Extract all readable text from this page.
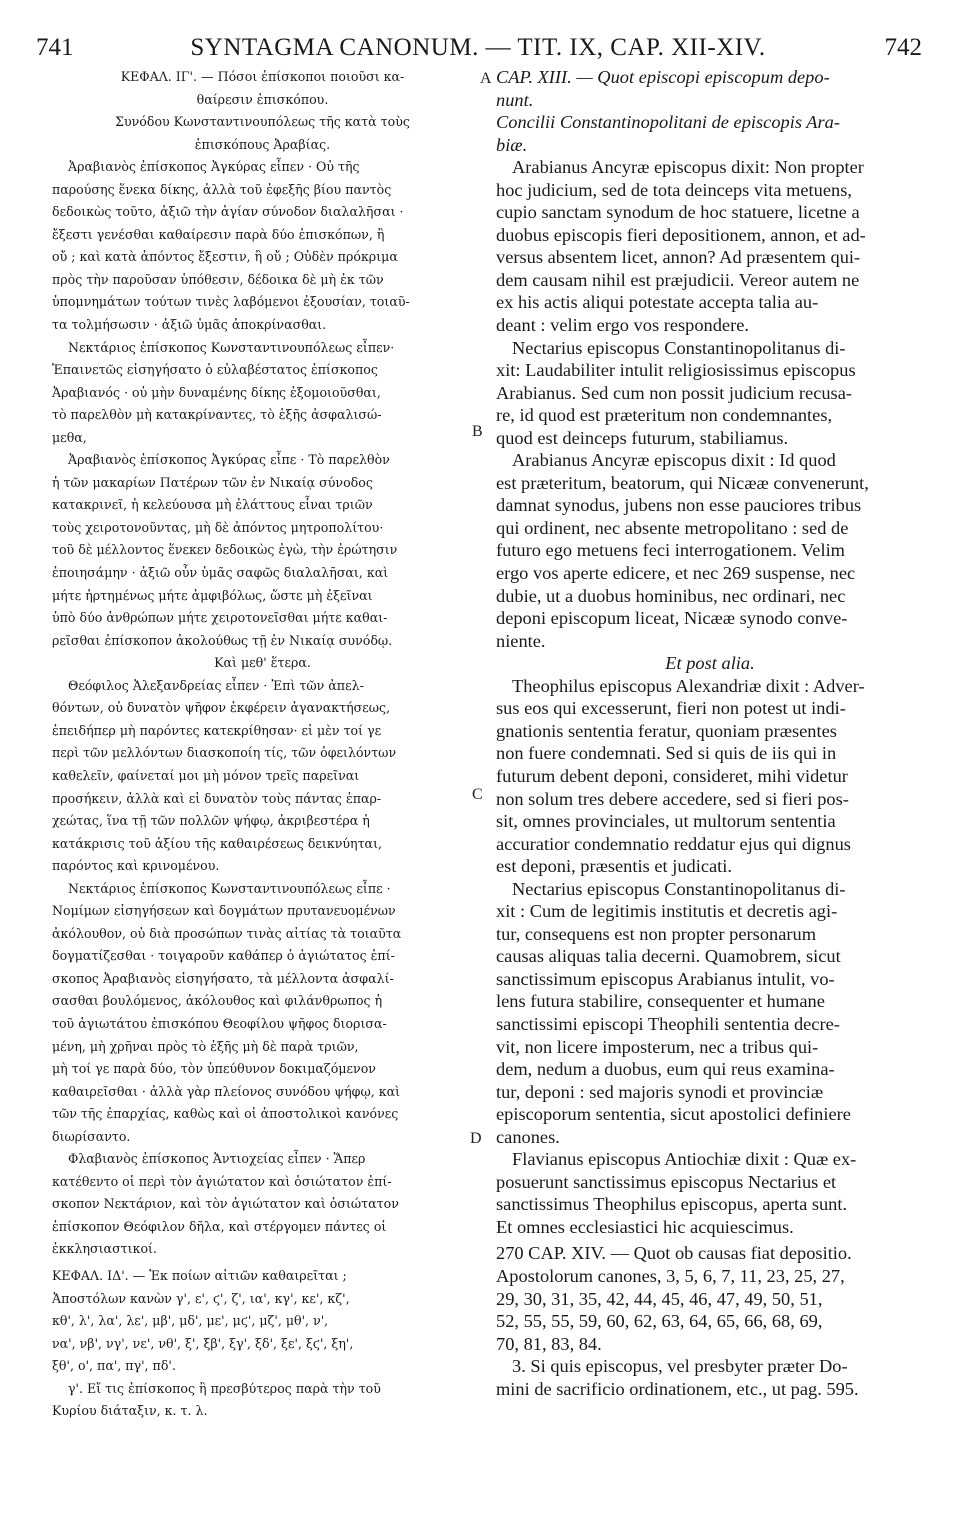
741	SYNTAGMA CANONUM. — TIT. IX, CAP. XII-XIV.	742
A
B
C
D

ΚΕΦΑΛ. ΙΓ'. — Πόσοι ἐπίσκοποι ποιοῦσι κα-
θαίρεσιν ἐπισκόπου.

Συνόδου Κωνσταντινουπόλεως τῆς κατὰ τοὺς
ἐπισκόπους Ἀραβίας.

Ἀραβιανὸς ἐπίσκοπος Ἀγκύρας εἶπεν · Οὐ τῆς
παρούσης ἕνεκα δίκης, ἀλλὰ τοῦ ἐφεξῆς βίου παντὸς
δεδοικὼς τοῦτο, ἀξιῶ τὴν ἁγίαν σύνοδον διαλαλῆσαι ·
ἔξεστι γενέσθαι καθαίρεσιν παρὰ δύο ἐπισκόπων, ἢ
οὔ ; καὶ κατὰ ἀπόντος ἔξεστιν, ἢ οὔ ; Οὐδὲν πρόκριμα
πρὸς τὴν παροῦσαν ὑπόθεσιν, δέδοικα δὲ μὴ ἐκ τῶν
ὑπομνημάτων τούτων τινὲς λαβόμενοι ἐξουσίαν, τοιαῦ-
τα τολμήσωσιν · ἀξιῶ ὑμᾶς ἀποκρίνασθαι.

Νεκτάριος ἐπίσκοπος Κωνσταντινουπόλεως εἶπεν·
Ἐπαινετῶς εἰσηγήσατο ὁ εὐλαβέστατος ἐπίσκοπος
Ἀραβιανός · οὐ μὴν δυναμένης δίκης ἐξομοιοῦσθαι,
τὸ παρελθὸν μὴ κατακρίναντες, τὸ ἑξῆς ἀσφαλισώ-
μεθα,

Ἀραβιανὸς ἐπίσκοπος Ἀγκύρας εἶπε · Τὸ παρελθὸν
ἡ τῶν μακαρίων Πατέρων τῶν ἐν Νικαίᾳ σύνοδος
κατακρινεῖ, ἡ κελεύουσα μὴ ἐλάττους εἶναι τριῶν
τοὺς χειροτονοῦντας, μὴ δὲ ἀπόντος μητροπολίτου·
τοῦ δὲ μέλλοντος ἕνεκεν δεδοικὼς ἐγὼ, τὴν ἐρώτησιν
ἐποιησάμην · ἀξιῶ οὖν ὑμᾶς σαφῶς διαλαλῆσαι, καὶ
μήτε ἠρτημένως μήτε ἀμφιβόλως, ὥστε μὴ ἐξεῖναι
ὑπὸ δύο ἀνθρώπων μήτε χειροτονεῖσθαι μήτε καθαι-
ρεῖσθαι ἐπίσκοπον ἀκολούθως τῇ ἐν Νικαίᾳ συνόδῳ.

Καὶ μεθ' ἕτερα.

Θεόφιλος Ἀλεξανδρείας εἶπεν · Ἐπὶ τῶν ἀπελ-
θόντων, οὐ δυνατὸν ψῆφον ἐκφέρειν ἀγανακτήσεως,
ἐπειδήπερ μὴ παρόντες κατεκρίθησαν· εἰ μὲν τοί γε
περὶ τῶν μελλόντων διασκοποίη τίς, τῶν ὀφειλόντων
καθελεῖν, φαίνεταί μοι μὴ μόνον τρεῖς παρεῖναι
προσήκειν, ἀλλὰ καὶ εἰ δυνατὸν τοὺς πάντας ἐπαρ-
χεώτας, ἵνα τῇ τῶν πολλῶν ψήφῳ, ἀκριβεστέρα ἡ
κατάκρισις τοῦ ἀξίου τῆς καθαιρέσεως δεικνύηται,
παρόντος καὶ κρινομένου.

Νεκτάριος ἐπίσκοπος Κωνσταντινουπόλεως εἶπε ·
Νομίμων εἰσηγήσεων καὶ δογμάτων πρυτανευομένων
ἀκόλουθον, οὐ διὰ προσώπων τινὰς αἰτίας τὰ τοιαῦτα
δογματίζεσθαι · τοιγαροῦν καθάπερ ὁ ἁγιώτατος ἐπί-
σκοπος Ἀραβιανὸς εἰσηγήσατο, τὰ μέλλοντα ἀσφαλί-
σασθαι βουλόμενος, ἀκόλουθος καὶ φιλάνθρωπος ἡ
τοῦ ἁγιωτάτου ἐπισκόπου Θεοφίλου ψῆφος διορισα-
μένη, μὴ χρῆναι πρὸς τὸ ἑξῆς μὴ δὲ παρὰ τριῶν,
μὴ τοί γε παρὰ δύο, τὸν ὑπεύθυνον δοκιμαζόμενον
καθαιρεῖσθαι · ἀλλὰ γὰρ πλείονος συνόδου ψήφῳ, καὶ
τῶν τῆς ἐπαρχίας, καθὼς καὶ οἱ ἀποστολικοὶ κανόνες
διωρίσαντο.

Φλαβιανὸς ἐπίσκοπος Ἀντιοχείας εἶπεν · Ἅπερ
κατέθεντο οἱ περὶ τὸν ἁγιώτατον καὶ ὁσιώτατον ἐπί-
σκοπον Νεκτάριον, καὶ τὸν ἁγιώτατον καὶ ὁσιώτατον
ἐπίσκοπον Θεόφιλον δῆλα, καὶ στέργομεν πάντες οἱ
ἐκκλησιαστικοί.

ΚΕΦΑΛ. ΙΔ'. — Ἐκ ποίων αἰτιῶν καθαιρεῖται ;
Ἀποστόλων κανὼν γ', ε', ϛ', ζ', ια', κγ', κε', κζ',
κθ', λ', λα', λε', μβ', μδ', με', μϛ', μζ', μθ', ν',
να', νβ', νγ', νε', νθ', ξ', ξβ', ξγ', ξδ', ξε', ξϛ', ξη',
ξθ', ο', πα', πγ', πδ'.

γ'. Εἴ τις ἐπίσκοπος ἢ πρεσβύτερος παρὰ τὴν τοῦ
Κυρίου διάταξιν, κ. τ. λ.

CAP. XIII. — Quot episcopi episcopum depo-
nunt.

Concilii Constantinopolitani de episcopis Ara-
biæ.

Arabianus Ancyræ episcopus dixit: Non propter
hoc judicium, sed de tota deinceps vita metuens,
cupio sanctam synodum de hoc statuere, licetne a
duobus episcopis fieri depositionem, annon, et ad-
versus absentem licet, annon? Ad præsentem qui-
dem causam nihil est præjudicii. Vereor autem ne
ex his actis aliqui potestate accepta talia au-
deant : velim ergo vos respondere.

Nectarius episcopus Constantinopolitanus di-
xit: Laudabiliter intulit religiosissimus episcopus
Arabianus. Sed cum non possit judicium recusa-
re, id quod est præteritum non condemnantes,
quod est deinceps futurum, stabiliamus.

Arabianus Ancyræ episcopus dixit : Id quod
est præteritum, beatorum, qui Nicææ convenerunt,
damnat synodus, jubens non esse pauciores tribus
qui ordinent, nec absente metropolitano : sed de
futuro ego metuens feci interrogationem. Velim
ergo vos aperte edicere, et nec 269 suspense, nec
dubie, ut a duobus hominibus, nec ordinari, nec
deponi episcopum liceat, Nicææ synodo conve-
niente.

Et post alia.

Theophilus episcopus Alexandriæ dixit : Adver-
sus eos qui excesserunt, fieri non potest ut indi-
gnationis sententia feratur, quoniam præsentes
non fuere condemnati. Sed si quis de iis qui in
futurum debent deponi, consideret, mihi videtur
non solum tres debere accedere, sed si fieri pos-
sit, omnes provinciales, ut multorum sententia
accuratior condemnatio reddatur ejus qui dignus
est deponi, præsentis et judicati.

Nectarius episcopus Constantinopolitanus di-
xit : Cum de legitimis institutis et decretis agi-
tur, consequens est non propter personarum
causas aliquas talia decerni. Quamobrem, sicut
sanctissimum episcopus Arabianus intulit, vo-
lens futura stabilire, consequenter et humane
sanctissimi episcopi Theophili sententia decre-
vit, non licere imposterum, nec a tribus qui-
dem, nedum a duobus, eum qui reus examina-
tur, deponi : sed majoris synodi et provinciæ
episcoporum sententia, sicut apostolici definiere
canones.

Flavianus episcopus Antiochiæ dixit : Quæ ex-
posuerunt sanctissimus episcopus Nectarius et
sanctissimus Theophilus episcopus, aperta sunt.
Et omnes ecclesiastici hic acquiescimus.

270 CAP. XIV. — Quot ob causas fiat depositio.
Apostolorum canones, 3, 5, 6, 7, 11, 23, 25, 27,
29, 30, 31, 35, 42, 44, 45, 46, 47, 49, 50, 51,
52, 55, 55, 59, 60, 62, 63, 64, 65, 66, 68, 69,
70, 81, 83, 84.

3. Si quis episcopus, vel presbyter præter Do-
mini de sacrificio ordinationem, etc., ut pag. 595.
